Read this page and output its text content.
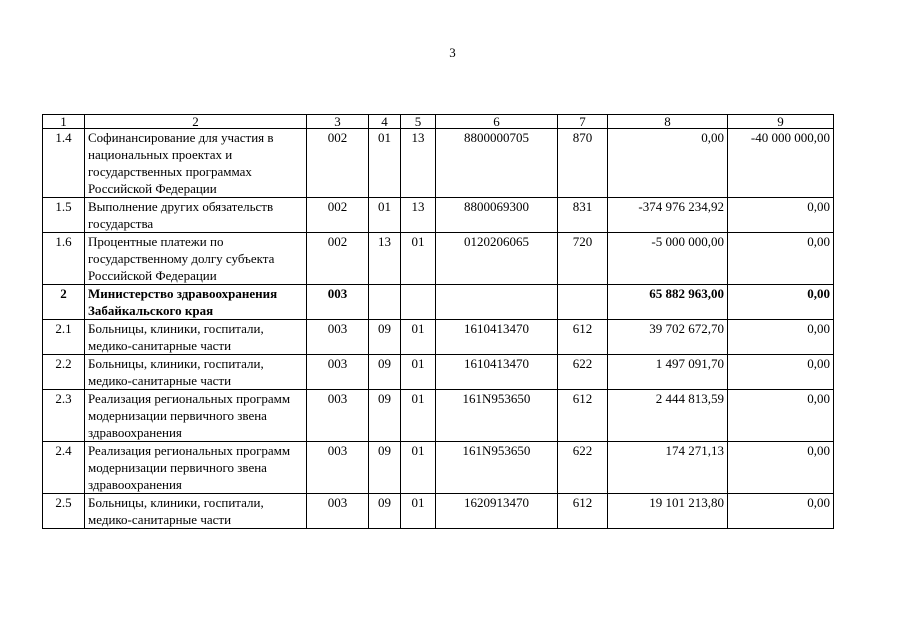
3
1	2	3	4	5	6	7	8	9
1.4	Софинансирование для участия в национальных проектах и государственных программах Российской Федерации	002	01	13	8800000705	870	0,00	-40 000 000,00
1.5	Выполнение других обязательств государства	002	01	13	8800069300	831	-374 976 234,92	0,00
1.6	Процентные платежи по государственному долгу субъекта Российской Федерации	002	13	01	0120206065	720	-5 000 000,00	0,00
2	Министерство здравоохранения Забайкальского края	003					65 882 963,00	0,00
2.1	Больницы, клиники, госпитали, медико-санитарные части	003	09	01	1610413470	612	39 702 672,70	0,00
2.2	Больницы, клиники, госпитали, медико-санитарные части	003	09	01	1610413470	622	1 497 091,70	0,00
2.3	Реализация региональных программ модернизации первичного звена здравоохранения	003	09	01	161N953650	612	2 444 813,59	0,00
2.4	Реализация региональных программ модернизации первичного звена здравоохранения	003	09	01	161N953650	622	174 271,13	0,00
2.5	Больницы, клиники, госпитали, медико-санитарные части	003	09	01	1620913470	612	19 101 213,80	0,00
